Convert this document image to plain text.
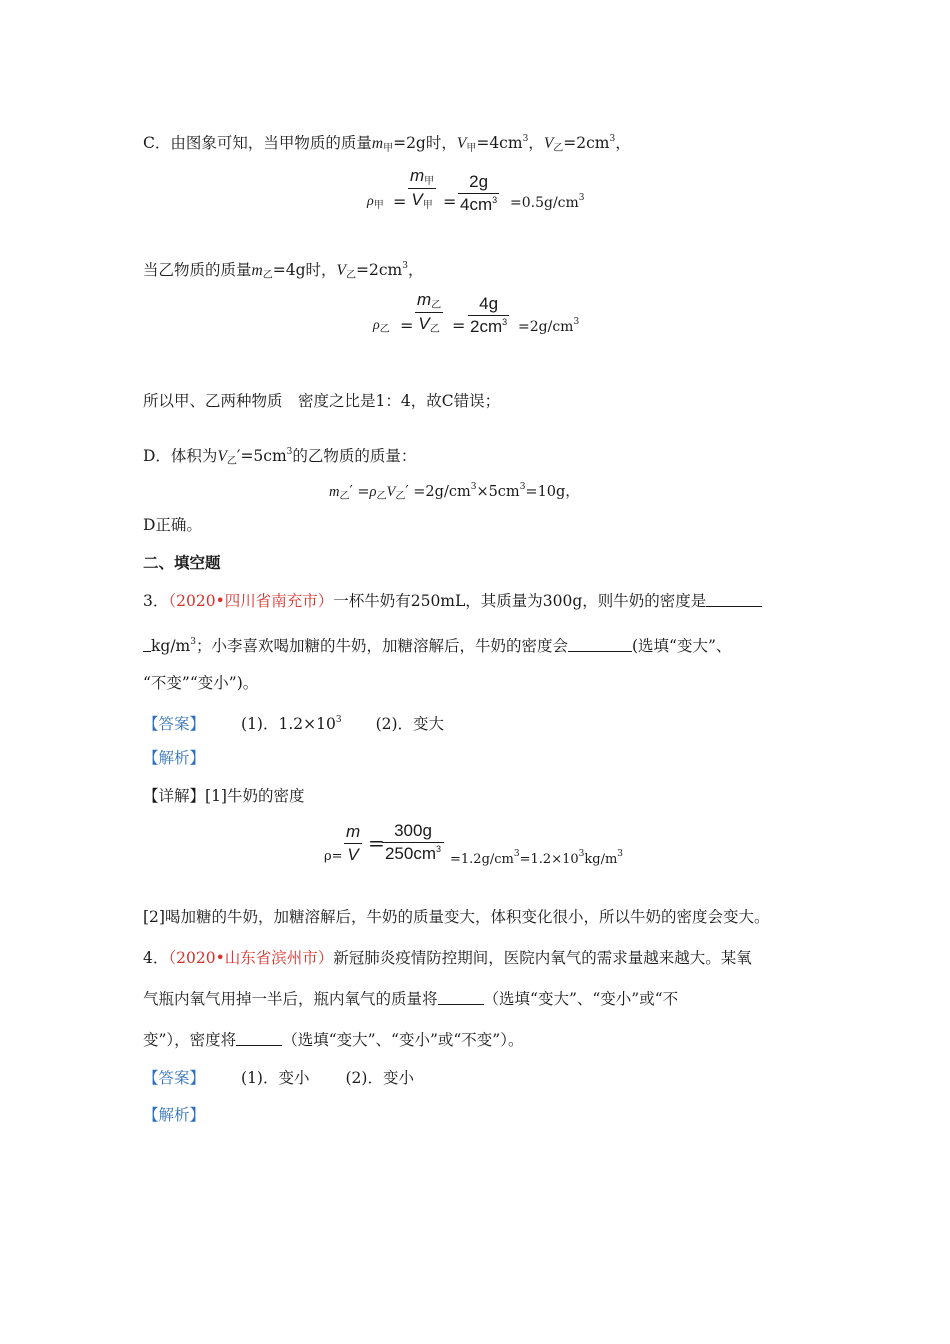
C．由图象可知，当甲物质的质量$m_甲=2g$时，$V_甲=4cm^3$，$V_乙=2cm^3$，
$\rho_甲$ =
$m_甲$
$V_甲$ =
2g
$4cm^3 =0.5g/cm^3$
当乙物质的质量$m_乙=4g$时，$V_乙=2cm^3$，
$\rho_乙$ =
$m_乙$
$V_乙$ =
4g
$2cm^3 =2g/cm^3$
所以甲、乙两种物质　密度之比是1：4，故C错误；
D．体积为$V_乙'=5cm^3$的乙物质的质量：
$m_乙' =\rho_乙V_乙' =2g/cm^3\times 5cm^3=10g$，
D正确。
二、填空题
3．（2020•四川省南充市）一杯牛奶有250mL，其质量为300g，则牛奶的密度是
$kg/m^3$；小李喜欢喝加糖的牛奶，加糖溶解后，牛奶的密度会	(选填“变大”、
“不变”“变小”)。
【答案】 (1)．$1.2\times 10^3$ (2)．变大
【解析】
【详解】[1]牛奶的密度
ρ=
m
V =
300g
$250cm^3$
$=1.2g/cm^3=1.2\times 10^3kg/m^3$
[2]喝加糖的牛奶，加糖溶解后，牛奶的质量变大，体积变化很小，所以牛奶的密度会变大。
4．（2020•山东省滨州市）新冠肺炎疫情防控期间，医院内氧气的需求量越来越大。某氧
气瓶内氧气用掉一半后，瓶内氧气的质量将	（选填“变大”、“变小”或“不
变”），密度将	（选填“变大”、“变小”或“不变”）。
【答案】 (1)．变小 (2)．变小
【解析】
